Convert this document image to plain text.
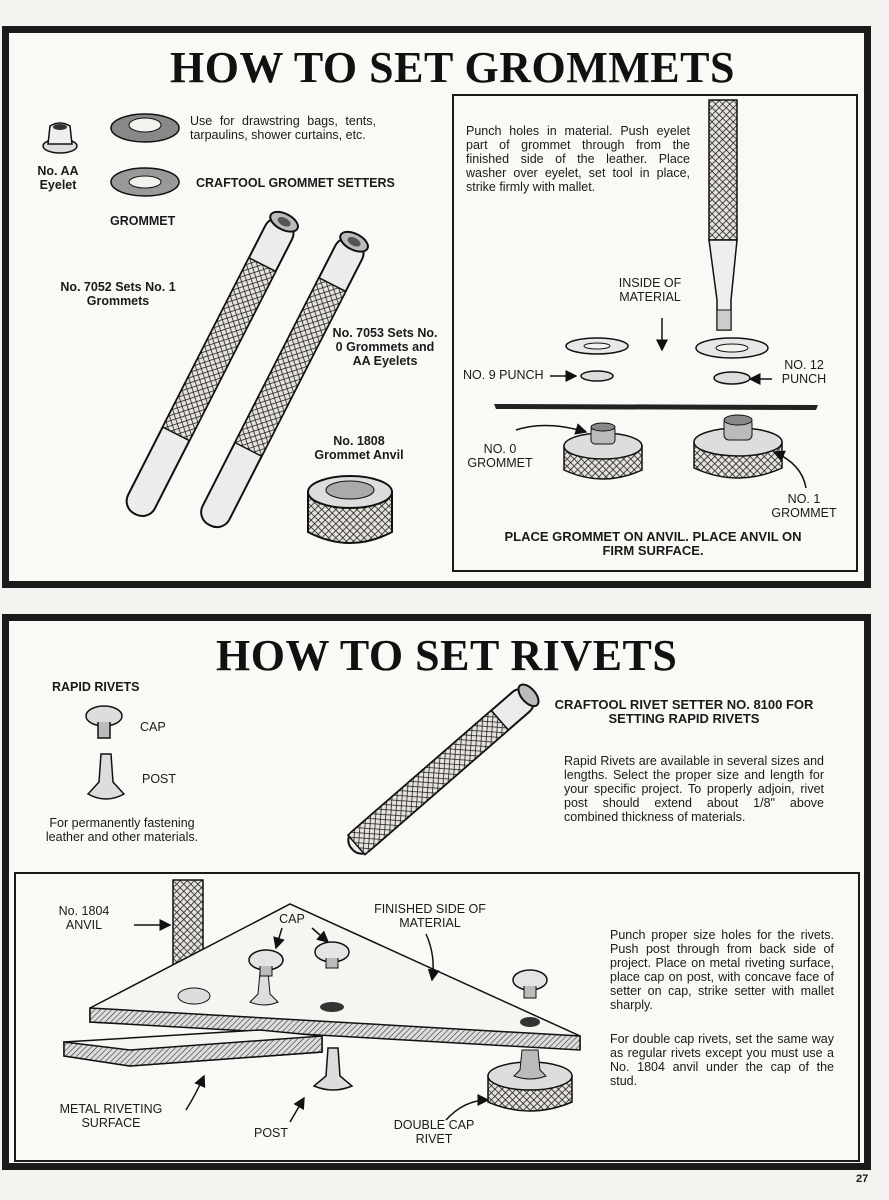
HOW TO SET GROMMETS
No. AA Eyelet
GROMMET
Use for drawstring bags, tents, tarpaulins, shower curtains, etc.
CRAFTOOL GROMMET SETTERS
No. 7052 Sets No. 1 Grommets
No. 7053 Sets No. 0 Grommets and AA Eyelets
No. 1808 Grommet Anvil
Punch holes in material. Push eyelet part of grommet through from the finished side of the leather. Place washer over eyelet, set tool in place, strike firmly with mallet.
INSIDE OF MATERIAL
NO. 9 PUNCH
NO. 12 PUNCH
NO. 0 GROMMET
NO. 1 GROMMET
PLACE GROMMET ON ANVIL. PLACE ANVIL ON FIRM SURFACE.
HOW TO SET RIVETS
RAPID RIVETS
CAP
POST
For permanently fastening leather and other materials.
CRAFTOOL RIVET SETTER NO. 8100 FOR SETTING RAPID RIVETS
Rapid Rivets are available in several sizes and lengths. Select the proper size and length for your specific project. To properly adjoin, rivet post should extend about 1/8" above combined thickness of materials.
No. 1804 ANVIL	CAP
FINISHED SIDE OF MATERIAL
Punch proper size holes for the rivets. Push post through from back side of project. Place on metal riveting surface, place cap on post, with concave face of setter on cap, strike setter with mallet sharply.
For double cap rivets, set the same way as regular rivets except you must use a No. 1804 anvil under the cap of the stud.
METAL RIVETING SURFACE
POST
DOUBLE CAP RIVET
27
